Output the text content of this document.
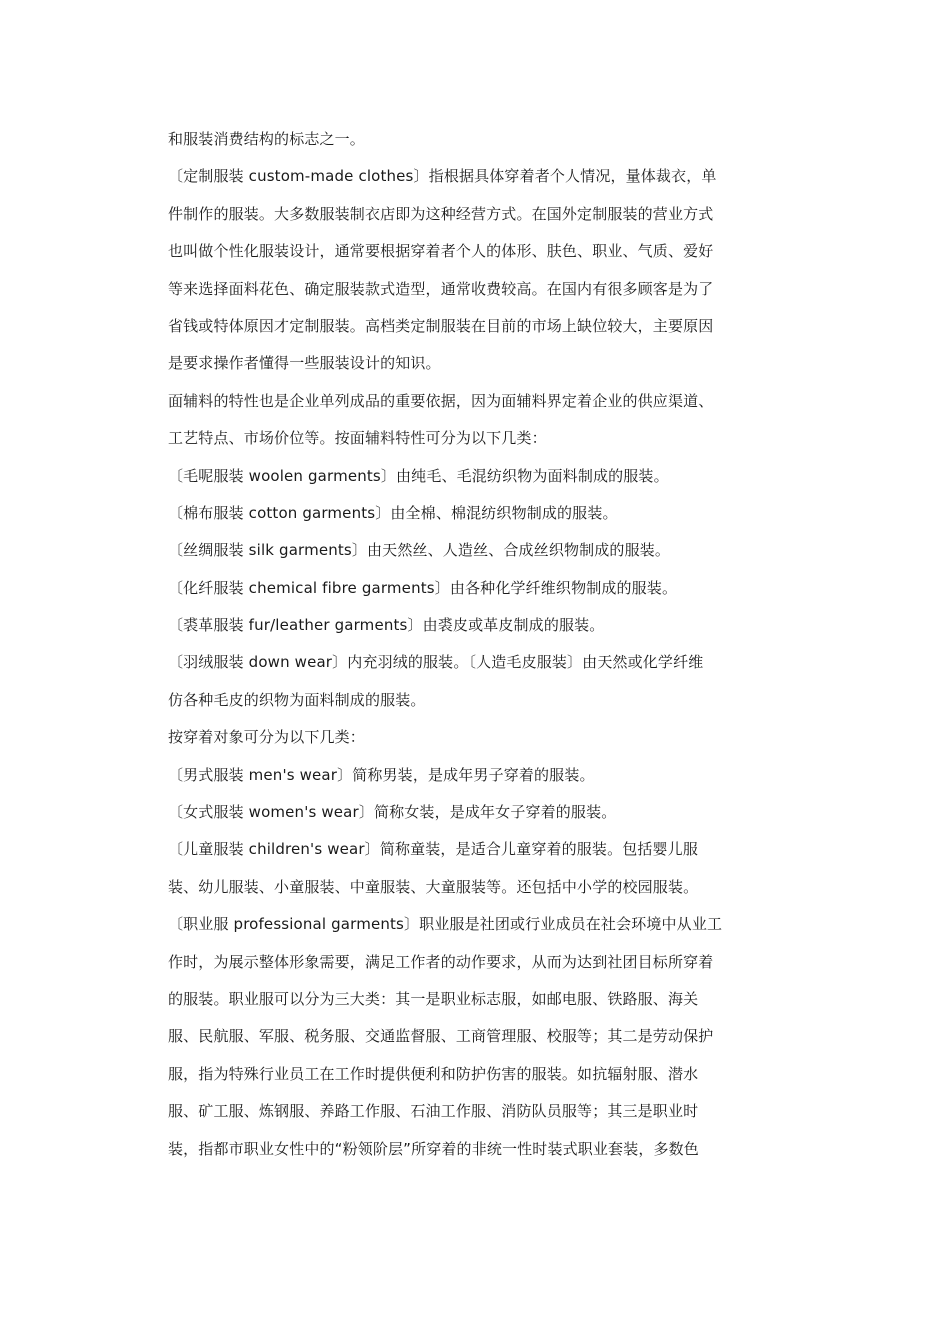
和服装消费结构的标志之一。
〔定制服装 custom-made clothes〕指根据具体穿着者个人情况，量体裁衣，单
件制作的服装。大多数服装制衣店即为这种经营方式。在国外定制服装的营业方式
也叫做个性化服装设计，通常要根据穿着者个人的体形、肤色、职业、气质、爱好
等来选择面料花色、确定服装款式造型，通常收费较高。在国内有很多顾客是为了
省钱或特体原因才定制服装。高档类定制服装在目前的市场上缺位较大，主要原因
是要求操作者懂得一些服装设计的知识。
面辅料的特性也是企业单列成品的重要依据，因为面辅料界定着企业的供应渠道、
工艺特点、市场价位等。按面辅料特性可分为以下几类：
〔毛呢服装 woolen garments〕由纯毛、毛混纺织物为面料制成的服装。
〔棉布服装 cotton garments〕由全棉、棉混纺织物制成的服装。
〔丝绸服装 silk garments〕由天然丝、人造丝、合成丝织物制成的服装。
〔化纤服装 chemical fibre garments〕由各种化学纤维织物制成的服装。
〔裘革服装 fur/leather garments〕由裘皮或革皮制成的服装。
〔羽绒服装 down wear〕内充羽绒的服装。〔人造毛皮服装〕由天然或化学纤维
仿各种毛皮的织物为面料制成的服装。
按穿着对象可分为以下几类：
〔男式服装 men's wear〕简称男装，是成年男子穿着的服装。
〔女式服装 women's wear〕简称女装，是成年女子穿着的服装。
〔儿童服装 children's wear〕简称童装，是适合儿童穿着的服装。包括婴儿服
装、幼儿服装、小童服装、中童服装、大童服装等。还包括中小学的校园服装。
〔职业服 professional garments〕职业服是社团或行业成员在社会环境中从业工
作时，为展示整体形象需要，满足工作者的动作要求，从而为达到社团目标所穿着
的服装。职业服可以分为三大类：其一是职业标志服，如邮电服、铁路服、海关
服、民航服、军服、税务服、交通监督服、工商管理服、校服等；其二是劳动保护
服，指为特殊行业员工在工作时提供便利和防护伤害的服装。如抗辐射服、潜水
服、矿工服、炼钢服、养路工作服、石油工作服、消防队员服等；其三是职业时
装，指都市职业女性中的“粉领阶层”所穿着的非统一性时装式职业套装，多数色
